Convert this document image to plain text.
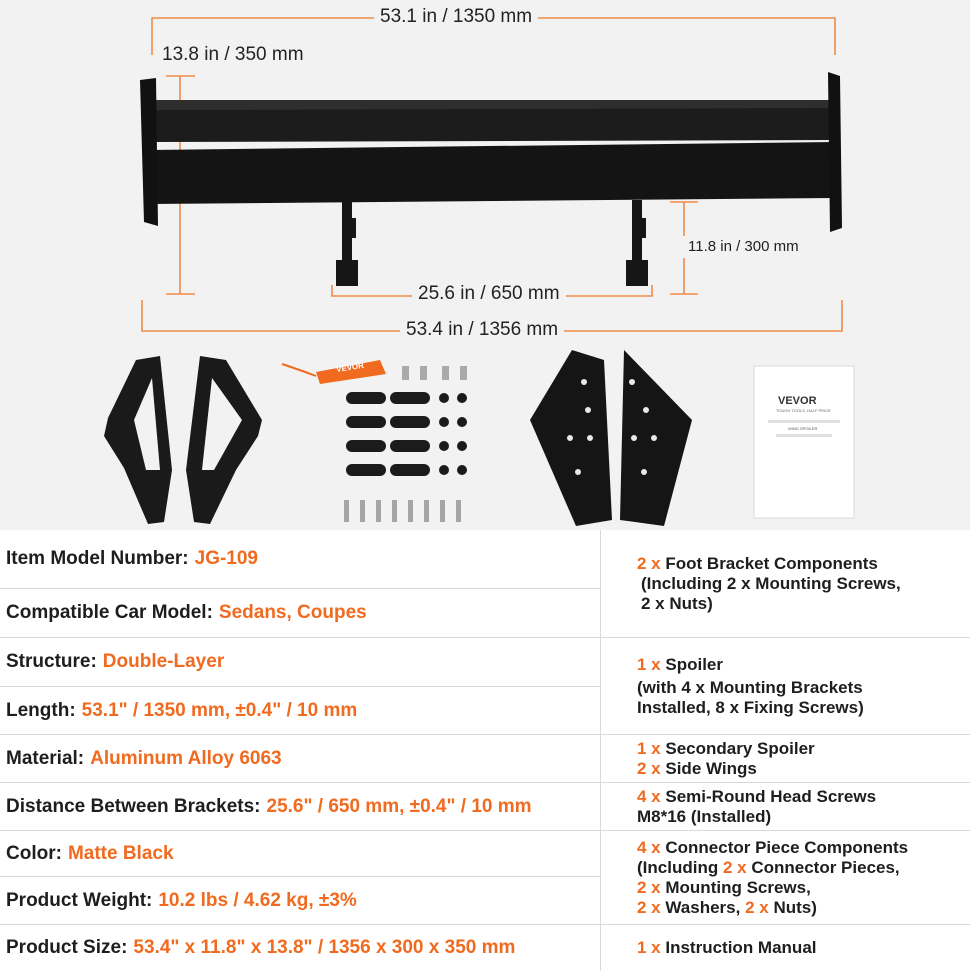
53.1 in / 1350 mm
13.8 in / 350 mm
11.8 in / 300 mm
25.6 in / 650 mm
53.4 in / 1356 mm
VEVOR
VEVOR
TOUGH TOOLS, HALF PRICE
WING SPOILER
Item Model Number: JG-109
Compatible Car Model: Sedans, Coupes
Structure: Double-Layer
Length: 53.1" / 1350 mm, ±0.4" / 10 mm
Material: Aluminum Alloy 6063
Distance Between Brackets: 25.6" / 650 mm, ±0.4" / 10 mm
Color: Matte Black
Product Weight: 10.2 lbs / 4.62 kg, ±3%
Product Size: 53.4" x 11.8" x 13.8" / 1356 x 300 x 350 mm
2 x Foot Bracket Components
(Including 2 x Mounting Screws,
2 x Nuts)
1 x Spoiler
(with 4 x Mounting Brackets
Installed, 8 x Fixing Screws)
1 x Secondary Spoiler
2 x Side Wings
4 x Semi-Round Head Screws
M8*16 (Installed)
4 x Connector Piece Components
(Including 2 x Connector Pieces,
2 x Mounting Screws,
2 x Washers, 2 x Nuts)
1 x Instruction Manual
